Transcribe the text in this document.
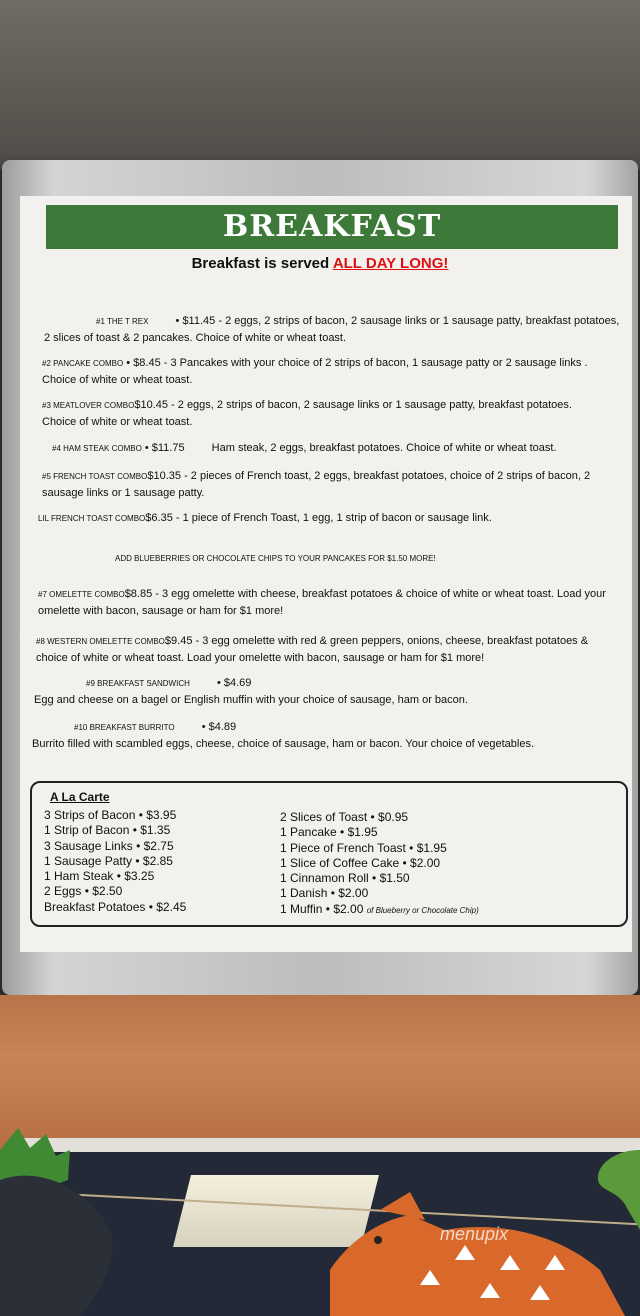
BREAKFAST
Breakfast is served ALL DAY LONG!
#1 THE T REX • $11.45 - 2 eggs, 2 strips of bacon, 2 sausage links or 1 sausage patty, breakfast potatoes, 2 slices of toast & 2 pancakes. Choice of white or wheat toast.
#2 PANCAKE COMBO • $8.45 - 3 Pancakes with your choice of 2 strips of bacon, 1 sausage patty or 2 sausage links . Choice of white or wheat toast.
#3 MEATLOVER COMBO$10.45 - 2 eggs, 2 strips of bacon, 2 sausage links or 1 sausage patty, breakfast potatoes. Choice of white or wheat toast.
#4 HAM STEAK COMBO • $11.75 Ham steak, 2 eggs, breakfast potatoes. Choice of white or wheat toast.
#5 FRENCH TOAST COMBO$10.35 - 2 pieces of French toast, 2 eggs, breakfast potatoes, choice of 2 strips of bacon, 2 sausage links or 1 sausage patty.
LIL FRENCH TOAST COMBO$6.35 - 1 piece of French Toast, 1 egg, 1 strip of bacon or sausage link.
ADD BLUEBERRIES OR CHOCOLATE CHIPS TO YOUR PANCAKES FOR $1.50 MORE!
#7 OMELETTE COMBO$8.85 - 3 egg omelette with cheese, breakfast potatoes & choice of white or wheat toast. Load your omelette with bacon, sausage or ham for $1 more!
#8 WESTERN OMELETTE COMBO$9.45 - 3 egg omelette with red & green peppers, onions, cheese, breakfast potatoes & choice of white or wheat toast. Load your omelette with bacon, sausage or ham for $1 more!
#9 BREAKFAST SANDWICH • $4.69
Egg and cheese on a bagel or English muffin with your choice of sausage, ham or bacon.
#10 BREAKFAST BURRITO • $4.89
Burrito filled with scambled eggs, cheese, choice of sausage, ham or bacon. Your choice of vegetables.
A La Carte
3 Strips of Bacon • $3.95
1 Strip of Bacon • $1.35
3 Sausage Links • $2.75
1 Sausage Patty • $2.85
1 Ham Steak • $3.25
2 Eggs • $2.50
Breakfast Potatoes • $2.45
2 Slices of Toast • $0.95
1 Pancake • $1.95
1 Piece of French Toast • $1.95
1 Slice of Coffee Cake • $2.00
1 Cinnamon Roll • $1.50
1 Danish • $2.00
1 Muffin • $2.00 of Blueberry or Chocolate Chip)
menupix
